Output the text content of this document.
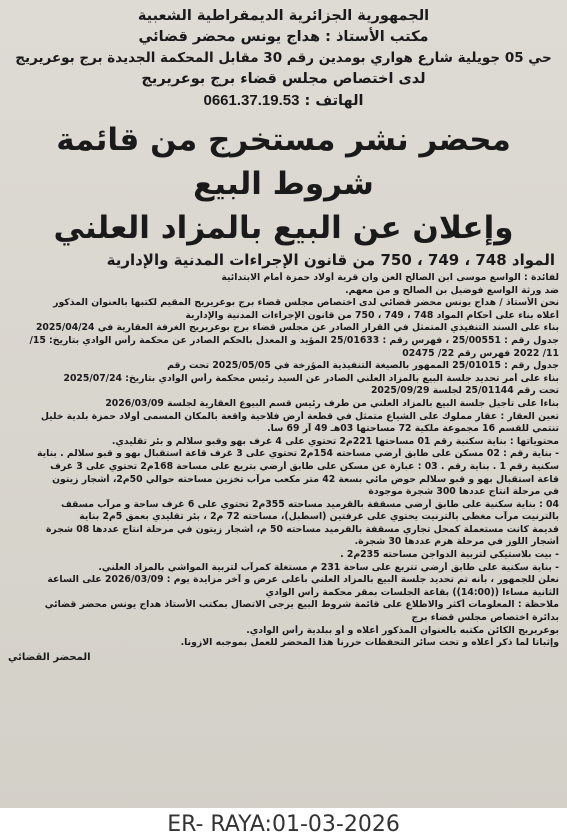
الجمهورية الجزائرية الديمقراطية الشعبية
مكتب الأستاذ : هداج يونس محضر قضائي
حي 05 جويلية شارع هواري بومدين رقم 30 مقابل المحكمة الجديدة برج بوعريريج
لدى اختصاص مجلس قضاء برج بوعريريج
الهاتف : 0661.37.19.53
محضر نشر مستخرج من قائمة شروط البيع
وإعلان عن البيع بالمزاد العلني
المواد 748 ، 749 ، 750 من قانون الإجراءات المدنية والإدارية

لفائدة : الواسع موسى ابن الصالح العن وان قرية أولاد حمزة أمام الابتدائية

ضد ورثة الواسع فوضيل بن الصالح و من معهم.

نحن الأستاذ / هداج يونس محضر قضائي لدى اختصاص مجلس قضاء برج بوعريريج المقيم لكتبها بالعنوان المذكور

أعلاه بناء على أحكام المواد 748 ، 749 ، 750 من قانون الإجراءات المدنية والإدارية

بناء على السند التنفيذي المتمثل في القرار الصادر عن مجلس قضاء برج بوعريريج الغرفة العقارية في 2025/04/24

جدول رقم : 25/00551 ، فهرس رقم : 25/01633 المؤيد و المعدل بالحكم الصادر عن محكمة رأس الوادي بتاريخ: 15/

11/ 2022 فهرس رقم 22/ 02475

جدول رقم : 25/01015 الممهور بالصيغة التنفيذية المؤرخة في 2025/05/05 تحت رقم

بناء على أمر تحديد جلسة البيع بالمزاد العلني الصادر عن السيد رئيس محكمة رأس الوادي بتاريخ: 2025/07/24

تحت رقم 25/01144 لجلسة 2025/09/29

بناءا على تأجيل جلسة البيع بالمزاد العلني من طرف رئيس قسم البيوع العقارية لجلسة 2026/03/09

تعين العقار : عقار مملوك على الشياع متمثل في قطعة أرض فلاحية واقعة بالمكان المسمى أولاد حمزة بلدية خليل

تنتمي للقسم 16 مجموعة ملكية 72 مساحتها 03هـ 49 آر 69 سا.

محتوياتها : بناية سكنية رقم 01 مساحتها 221م2 تحتوي على 4 غرف بهو وقبو سلالم و بئر تقليدي.

- بناية رقم : 02 مسكن على طابق أرضي مساحته 154م2 تحتوي على 3 غرف قاعة استقبال بهو و قبو سلالم . بناية

سكنية رقم 1 . بناية رقم . 03 : عبارة عن مسكن على طابق أرضي بتريع على مساحة 168م2 تحتوي على 3 غرف

قاعة استقبال بهو و قبو سلالم حوض مائي بسعة 42 متر مكعب مرآب تخزين مساحته حوالي 50م2، أشجار زيتون

في مرحلة انتاج عددها 300 شجرة موجودة

04 : بناية سكنية على طابق أرضي مسقفة بالقرميد مساحته 355م2 تحتوي على 6 غرف ساحة و مرآب مسقف

بالترنيت مرآب مغطى بالترنيت يحتوي على غرفتين (اسطبل)، مساحته 72 م2 ، بئر تقليدي بعمق 5م2 بناية

قديمة كانت مستعملة كمحل تجاري مسقفة بالقرميد مساحته 50 م، أشجار زيتون في مرحلة انتاج عددها 08 شجرة

أشجار اللوز في مرحلة هرم عددها 30 شجرة.

- بيت بلاستيكي لتربية الدواجن مساحته 235م2 .

- بناية سكنية على طابق أرضي تتربع على ساحة 231 م مستغلة كمرآب لتربية المواشي بالمزاد العلني.

نعلن للجمهور ، بأنه تم تحديد جلسة البيع بالمزاد العلني بأعلى عرض و آخر مزايدة يوم : 2026/03/09 على الساعة

الثانية مساءا ((14:00)) بقاعة الجلسات بمقر محكمة رأس الوادي

ملاحظة : المعلومات أكثر والاطلاع على قائمة شروط البيع يرجى الاتصال بمكتب الأستاذ هداج يونس محضر قضائي

بدائرة اختصاص مجلس قضاء برج

بوعريريج الكائن مكتبه بالعنوان المذكور أعلاه و أو ببلدية رأس الوادي.

وإثباتا لما ذكر أعلاه و تحت سائر التحفظات حررنا هذا المحضر للعمل بموجبه الازونا.

المحضر القضائي
ER- RAYA:01-03-2026
